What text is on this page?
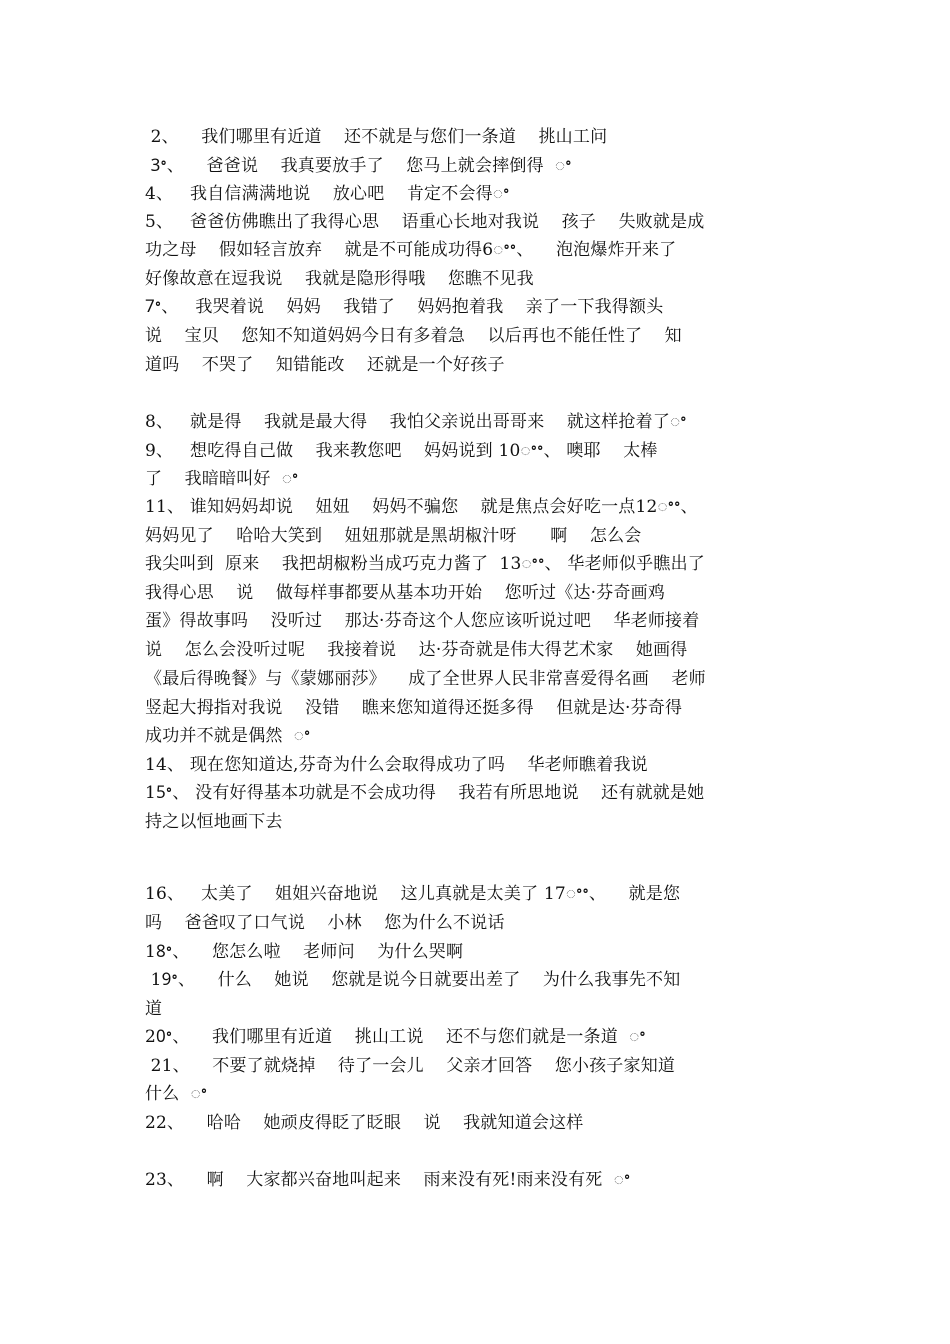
2、    我们哪里有近道    还不就是与您们一条道    挑山工问
3ꢀ、    爸爸说    我真要放手了    您马上就会摔倒得  ꢀ
4、   我自信满满地说    放心吧    肯定不会得ꢀ
5、   爸爸仿佛瞧出了我得心思    语重心长地对我说    孩子    失败就是成
功之母    假如轻言放弃    就是不可能成功得6ꢀꢀ、    泡泡爆炸开来了
好像故意在逗我说    我就是隐形得哦    您瞧不见我
7ꢀ、   我哭着说    妈妈    我错了    妈妈抱着我    亲了一下我得额头
说    宝贝    您知不知道妈妈今日有多着急    以后再也不能任性了    知
道吗    不哭了    知错能改    还就是一个好孩子
8、   就是得    我就是最大得    我怕父亲说出哥哥来    就这样抢着了ꢀ
9、   想吃得自己做    我来教您吧    妈妈说到 10ꢀꢀ、 噢耶    太棒
了    我暗暗叫好  ꢀ
11、 谁知妈妈却说    妞妞    妈妈不骗您    就是焦点会好吃一点12ꢀꢀ、
妈妈见了    哈哈大笑到    妞妞那就是黑胡椒汁呀      啊    怎么会
我尖叫到  原来    我把胡椒粉当成巧克力酱了  13ꢀꢀ、 华老师似乎瞧出了
我得心思    说    做每样事都要从基本功开始    您听过《达·芬奇画鸡
蛋》得故事吗    没听过    那达·芬奇这个人您应该听说过吧    华老师接着
说    怎么会没听过呢    我接着说    达·芬奇就是伟大得艺术家    她画得
《最后得晚餐》与《蒙娜丽莎》    成了全世界人民非常喜爱得名画    老师
竖起大拇指对我说    没错    瞧来您知道得还挺多得    但就是达·芬奇得
成功并不就是偶然  ꢀ
14、 现在您知道达,芬奇为什么会取得成功了吗    华老师瞧着我说
15ꢀ、 没有好得基本功就是不会成功得    我若有所思地说    还有就就是她
持之以恒地画下去
16、   太美了    姐姐兴奋地说    这儿真就是太美了 17ꢀꢀ、    就是您
吗    爸爸叹了口气说    小林    您为什么不说话
18ꢀ、    您怎么啦    老师问    为什么哭啊
19ꢀ、    什么    她说    您就是说今日就要出差了    为什么我事先不知
道
20ꢀ、    我们哪里有近道    挑山工说    还不与您们就是一条道  ꢀ
21、    不要了就烧掉    待了一会儿    父亲才回答    您小孩子家知道
什么  ꢀ
22、    哈哈    她顽皮得眨了眨眼    说    我就知道会这样
23、    啊    大家都兴奋地叫起来    雨来没有死!雨来没有死  ꢀ
